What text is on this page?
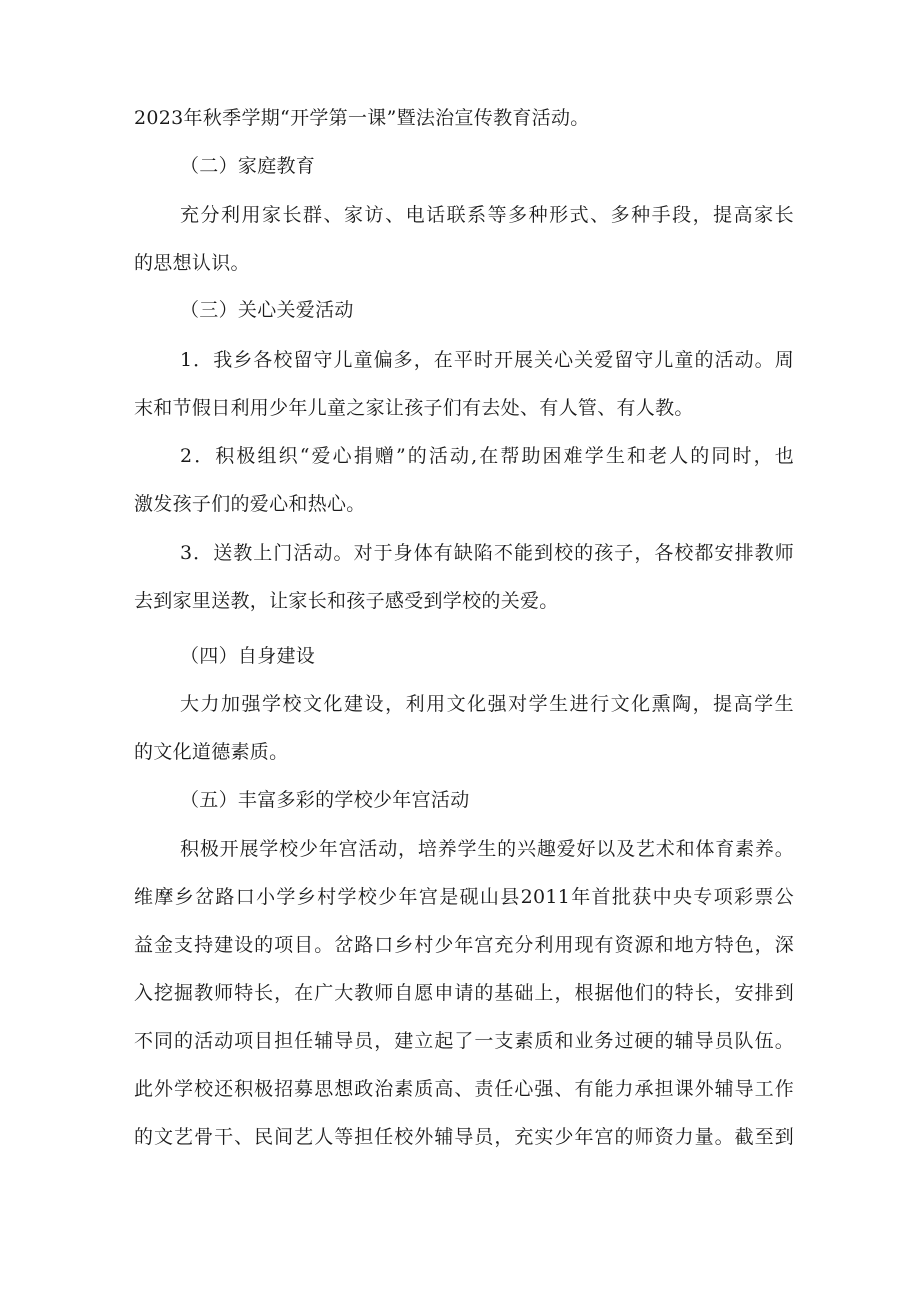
2023年秋季学期“开学第一课”暨法治宣传教育活动。
（二）家庭教育
充分利用家长群、家访、电话联系等多种形式、多种手段，提高家长
的思想认识。
（三）关心关爱活动
1．我乡各校留守儿童偏多，在平时开展关心关爱留守儿童的活动。周
末和节假日利用少年儿童之家让孩子们有去处、有人管、有人教。
2．积极组织“爱心捐赠”的活动,在帮助困难学生和老人的同时，也
激发孩子们的爱心和热心。
3．送教上门活动。对于身体有缺陷不能到校的孩子，各校都安排教师
去到家里送教，让家长和孩子感受到学校的关爱。
（四）自身建设
大力加强学校文化建设，利用文化强对学生进行文化熏陶，提高学生
的文化道德素质。
（五）丰富多彩的学校少年宫活动
积极开展学校少年宫活动，培养学生的兴趣爱好以及艺术和体育素养。
维摩乡岔路口小学乡村学校少年宫是砚山县2011年首批获中央专项彩票公
益金支持建设的项目。岔路口乡村少年宫充分利用现有资源和地方特色，深
入挖掘教师特长，在广大教师自愿申请的基础上，根据他们的特长，安排到
不同的活动项目担任辅导员，建立起了一支素质和业务过硬的辅导员队伍。
此外学校还积极招募思想政治素质高、责任心强、有能力承担课外辅导工作
的文艺骨干、民间艺人等担任校外辅导员，充实少年宫的师资力量。截至到
